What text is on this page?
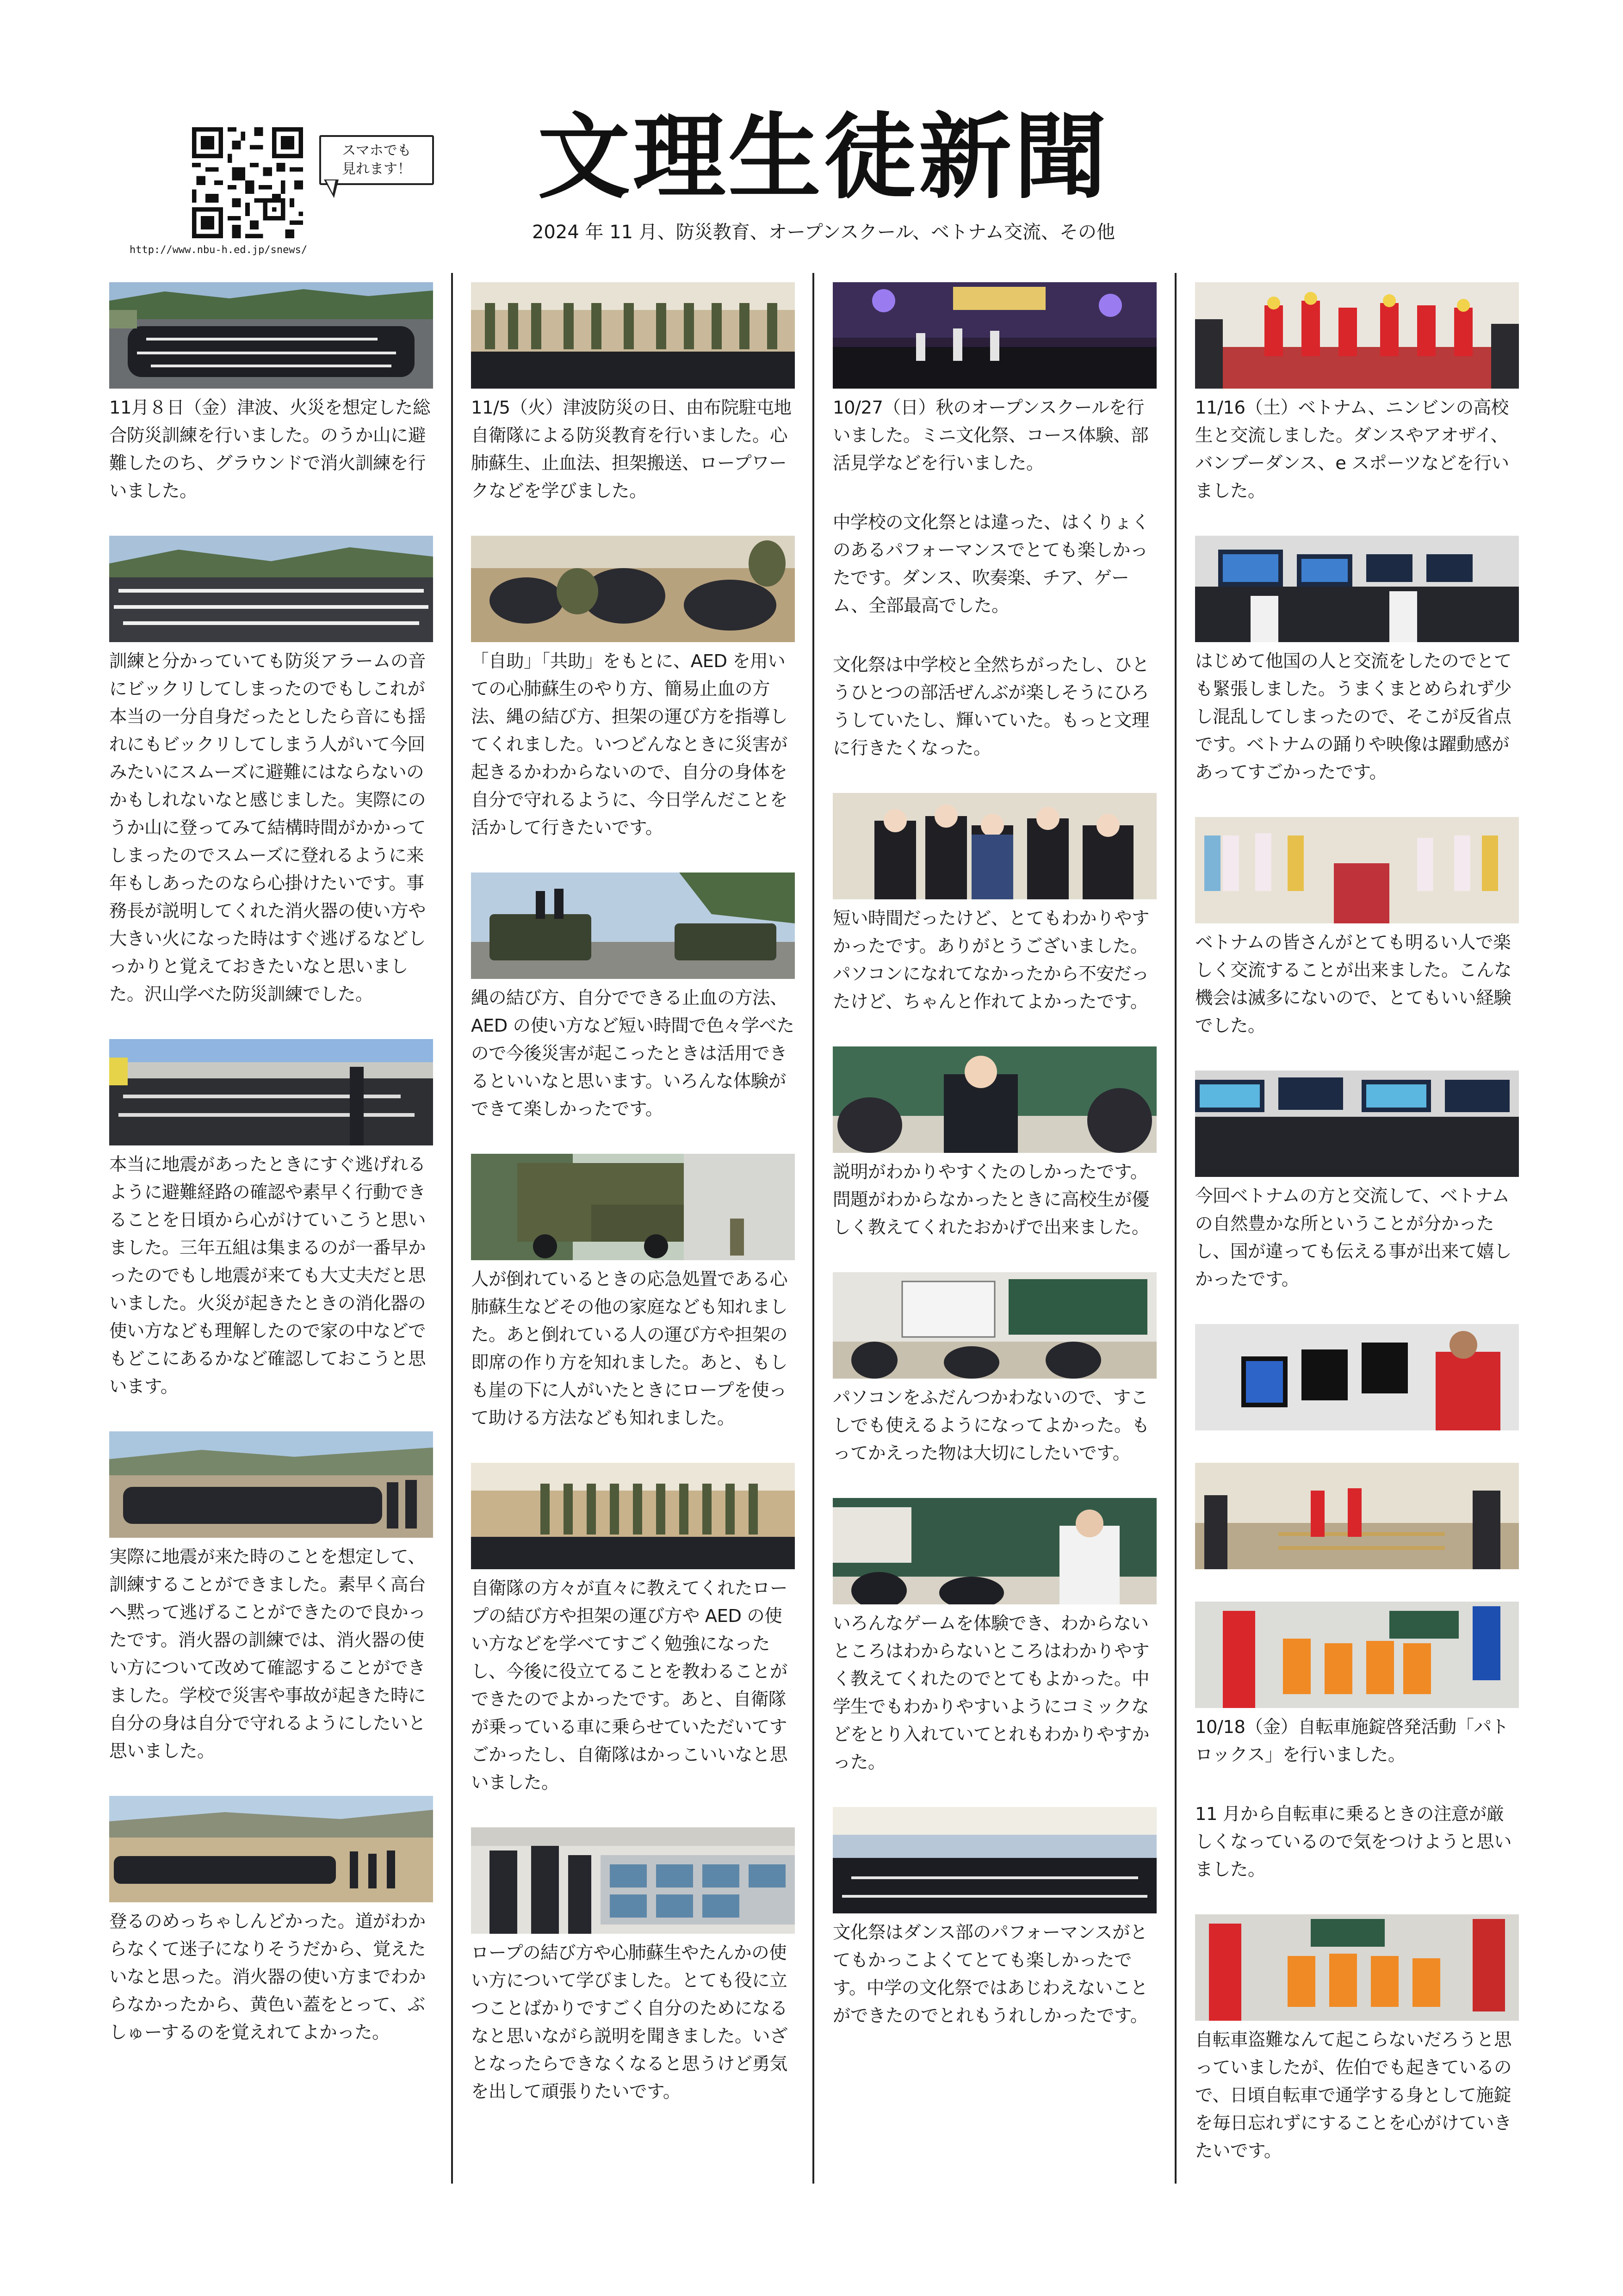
スマホでも
見れます！
http://www.nbu-h.ed.jp/snews/
文理生徒新聞
2024 年 11 月、防災教育、オープンスクール、ベトナム交流、その他

11月８日（金）津波、火災を想定した総合防災訓練を行いました。のうか山に避難したのち、グラウンドで消火訓練を行いました。

訓練と分かっていても防災アラームの音にビックリしてしまったのでもしこれが本当の一分自身だったとしたら音にも揺れにもビックリしてしまう人がいて今回みたいにスムーズに避難にはならないのかもしれないなと感じました。実際にのうか山に登ってみて結構時間がかかってしまったのでスムーズに登れるように来年もしあったのなら心掛けたいです。事務長が説明してくれた消火器の使い方や大きい火になった時はすぐ逃げるなどしっかりと覚えておきたいなと思いました。沢山学べた防災訓練でした。

本当に地震があったときにすぐ逃げれるように避難経路の確認や素早く行動できることを日頃から心がけていこうと思いました。三年五組は集まるのが一番早かったのでもし地震が来ても大丈夫だと思いました。火災が起きたときの消化器の使い方なども理解したので家の中などでもどこにあるかなど確認しておこうと思います。

実際に地震が来た時のことを想定して、訓練することができました。素早く高台へ黙って逃げることができたので良かったです。消火器の訓練では、消火器の使い方について改めて確認することができました。学校で災害や事故が起きた時に自分の身は自分で守れるようにしたいと思いました。

登るのめっちゃしんどかった。道がわからなくて迷子になりそうだから、覚えたいなと思った。消火器の使い方までわからなかったから、黄色い蓋をとって、ぶしゅーするのを覚えれてよかった。

11/5（火）津波防災の日、由布院駐屯地自衛隊による防災教育を行いました。心肺蘇生、止血法、担架搬送、ロープワークなどを学びました。

「自助」「共助」をもとに、AED を用いての心肺蘇生のやり方、簡易止血の方法、縄の結び方、担架の運び方を指導してくれました。いつどんなときに災害が起きるかわからないので、自分の身体を自分で守れるように、今日学んだことを活かして行きたいです。

縄の結び方、自分でできる止血の方法、AED の使い方など短い時間で色々学べたので今後災害が起こったときは活用できるといいなと思います。いろんな体験ができて楽しかったです。

人が倒れているときの応急処置である心肺蘇生などその他の家庭なども知れました。あと倒れている人の運び方や担架の即席の作り方を知れました。あと、もしも崖の下に人がいたときにロープを使って助ける方法なども知れました。

自衛隊の方々が直々に教えてくれたロープの結び方や担架の運び方や AED の使い方などを学べてすごく勉強になったし、今後に役立てることを教わることができたのでよかったです。あと、自衛隊が乗っている車に乗らせていただいてすごかったし、自衛隊はかっこいいなと思いました。

ロープの結び方や心肺蘇生やたんかの使い方について学びました。とても役に立つことばかりですごく自分のためになるなと思いながら説明を聞きました。いざとなったらできなくなると思うけど勇気を出して頑張りたいです。

10/27（日）秋のオープンスクールを行いました。ミニ文化祭、コース体験、部活見学などを行いました。

中学校の文化祭とは違った、はくりょくのあるパフォーマンスでとても楽しかったです。ダンス、吹奏楽、チア、ゲーム、全部最高でした。

文化祭は中学校と全然ちがったし、ひとうひとつの部活ぜんぶが楽しそうにひろうしていたし、輝いていた。もっと文理に行きたくなった。

短い時間だったけど、とてもわかりやすかったです。ありがとうございました。パソコンになれてなかったから不安だったけど、ちゃんと作れてよかったです。

説明がわかりやすくたのしかったです。問題がわからなかったときに高校生が優しく教えてくれたおかげで出来ました。

パソコンをふだんつかわないので、すこしでも使えるようになってよかった。もってかえった物は大切にしたいです。

いろんなゲームを体験でき、わからないところはわからないところはわかりやすく教えてくれたのでとてもよかった。中学生でもわかりやすいようにコミックなどをとり入れていてとれもわかりやすかった。

文化祭はダンス部のパフォーマンスがとてもかっこよくてとても楽しかったです。中学の文化祭ではあじわえないことができたのでとれもうれしかったです。

11/16（土）ベトナム、ニンビンの高校生と交流しました。ダンスやアオザイ、バンブーダンス、e スポーツなどを行いました。

はじめて他国の人と交流をしたのでとても緊張しました。うまくまとめられず少し混乱してしまったので、そこが反省点です。ベトナムの踊りや映像は躍動感があってすごかったです。

ベトナムの皆さんがとても明るい人で楽しく交流することが出来ました。こんな機会は滅多にないので、とてもいい経験でした。

今回ベトナムの方と交流して、ベトナムの自然豊かな所ということが分かったし、国が違っても伝える事が出来て嬉しかったです。

10/18（金）自転車施錠啓発活動「パトロックス」を行いました。

11 月から自転車に乗るときの注意が厳しくなっているので気をつけようと思いました。

自転車盗難なんて起こらないだろうと思っていましたが、佐伯でも起きているので、日頃自転車で通学する身として施錠を毎日忘れずにすることを心がけていきたいです。
